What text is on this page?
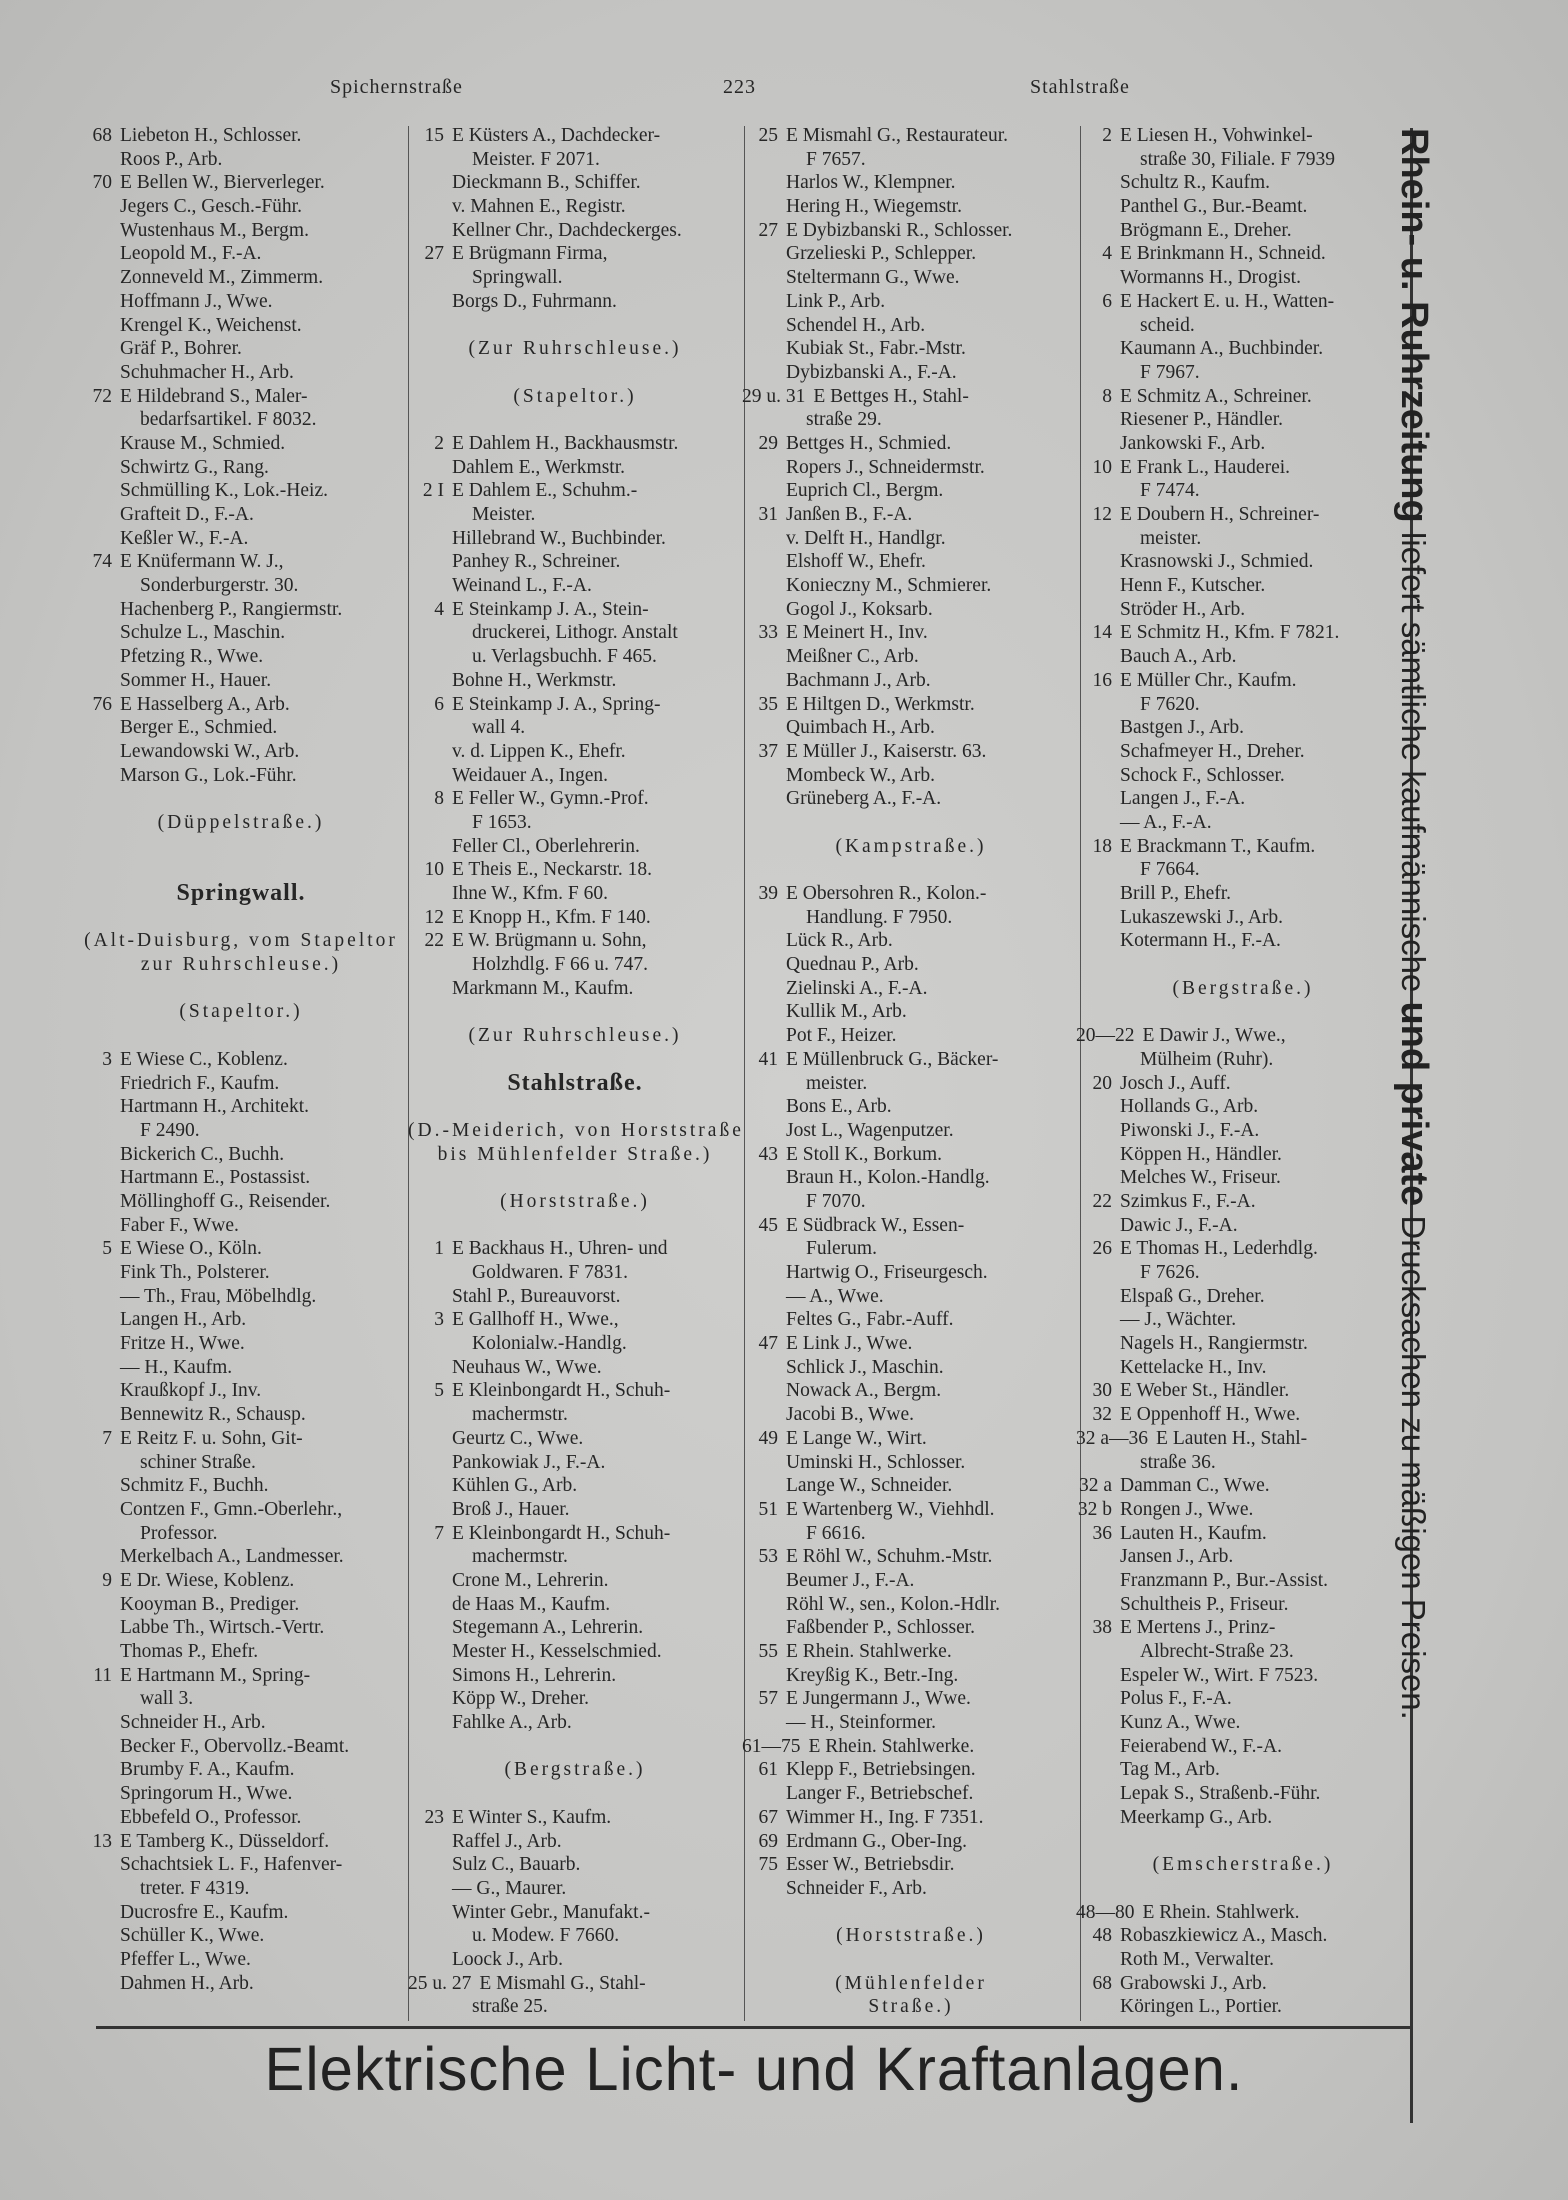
Spichernstraße	223	Stahlstraße
68 Liebeton H., Schlosser.
Roos P., Arb.
70 E Bellen W., Bierverleger.
Jegers C., Gesch.-Führ.
Wustenhaus M., Bergm.
Leopold M., F.-A.
Zonneveld M., Zimmerm.
Hoffmann J., Wwe.
Krengel K., Weichenst.
Gräf P., Bohrer.
Schuhmacher H., Arb.
72 E Hildebrand S., Maler-
bedarfsartikel. F 8032.
Krause M., Schmied.
Schwirtz G., Rang.
Schmülling K., Lok.-Heiz.
Grafteit D., F.-A.
Keßler W., F.-A.
74 E Knüfermann W. J.,
Sonderburgerstr. 30.
Hachenberg P., Rangiermstr.
Schulze L., Maschin.
Pfetzing R., Wwe.
Sommer H., Hauer.
76 E Hasselberg A., Arb.
Berger E., Schmied.
Lewandowski W., Arb.
Marson G., Lok.-Führ.
(Düppelstraße.)
Springwall.
(Alt-Duisburg, vom Stapeltor
zur Ruhrschleuse.)
(Stapeltor.)
3 E Wiese C., Koblenz.
Friedrich F., Kaufm.
Hartmann H., Architekt.
F 2490.
Bickerich C., Buchh.
Hartmann E., Postassist.
Möllinghoff G., Reisender.
Faber F., Wwe.
5 E Wiese O., Köln.
Fink Th., Polsterer.
— Th., Frau, Möbelhdlg.
Langen H., Arb.
Fritze H., Wwe.
— H., Kaufm.
Kraußkopf J., Inv.
Bennewitz R., Schausp.
7 E Reitz F. u. Sohn, Git-
schiner Straße.
Schmitz F., Buchh.
Contzen F., Gmn.-Oberlehr.,
Professor.
Merkelbach A., Landmesser.
9 E Dr. Wiese, Koblenz.
Kooyman B., Prediger.
Labbe Th., Wirtsch.-Vertr.
Thomas P., Ehefr.
11 E Hartmann M., Spring-
wall 3.
Schneider H., Arb.
Becker F., Obervollz.-Beamt.
Brumby F. A., Kaufm.
Springorum H., Wwe.
Ebbefeld O., Professor.
13 E Tamberg K., Düsseldorf.
Schachtsiek L. F., Hafenver-
treter. F 4319.
Ducrosfre E., Kaufm.
Schüller K., Wwe.
Pfeffer L., Wwe.
Dahmen H., Arb.
15 E Küsters A., Dachdecker-
Meister. F 2071.
Dieckmann B., Schiffer.
v. Mahnen E., Registr.
Kellner Chr., Dachdeckerges.
27 E Brügmann Firma,
Springwall.
Borgs D., Fuhrmann.
(Zur Ruhrschleuse.)
(Stapeltor.)
2 E Dahlem H., Backhausmstr.
Dahlem E., Werkmstr.
2 I E Dahlem E., Schuhm.-
Meister.
Hillebrand W., Buchbinder.
Panhey R., Schreiner.
Weinand L., F.-A.
4 E Steinkamp J. A., Stein-
druckerei, Lithogr. Anstalt
u. Verlagsbuchh. F 465.
Bohne H., Werkmstr.
6 E Steinkamp J. A., Spring-
wall 4.
v. d. Lippen K., Ehefr.
Weidauer A., Ingen.
8 E Feller W., Gymn.-Prof.
F 1653.
Feller Cl., Oberlehrerin.
10 E Theis E., Neckarstr. 18.
Ihne W., Kfm. F 60.
12 E Knopp H., Kfm. F 140.
22 E W. Brügmann u. Sohn,
Holzhdlg. F 66 u. 747.
Markmann M., Kaufm.
(Zur Ruhrschleuse.)
Stahlstraße.
(D.-Meiderich, von Horststraße
bis Mühlenfelder Straße.)
(Horststraße.)
1 E Backhaus H., Uhren- und
Goldwaren. F 7831.
Stahl P., Bureauvorst.
3 E Gallhoff H., Wwe.,
Kolonialw.-Handlg.
Neuhaus W., Wwe.
5 E Kleinbongardt H., Schuh-
machermstr.
Geurtz C., Wwe.
Pankowiak J., F.-A.
Kühlen G., Arb.
Broß J., Hauer.
7 E Kleinbongardt H., Schuh-
machermstr.
Crone M., Lehrerin.
de Haas M., Kaufm.
Stegemann A., Lehrerin.
Mester H., Kesselschmied.
Simons H., Lehrerin.
Köpp W., Dreher.
Fahlke A., Arb.
(Bergstraße.)
23 E Winter S., Kaufm.
Raffel J., Arb.
Sulz C., Bauarb.
— G., Maurer.
Winter Gebr., Manufakt.-
u. Modew. F 7660.
Loock J., Arb.
25 u. 27 E Mismahl G., Stahl-
straße 25.
25 E Mismahl G., Restaurateur.
F 7657.
Harlos W., Klempner.
Hering H., Wiegemstr.
27 E Dybizbanski R., Schlosser.
Grzelieski P., Schlepper.
Steltermann G., Wwe.
Link P., Arb.
Schendel H., Arb.
Kubiak St., Fabr.-Mstr.
Dybizbanski A., F.-A.
29 u. 31 E Bettges H., Stahl-
straße 29.
29 Bettges H., Schmied.
Ropers J., Schneidermstr.
Euprich Cl., Bergm.
31 Janßen B., F.-A.
v. Delft H., Handlgr.
Elshoff W., Ehefr.
Konieczny M., Schmierer.
Gogol J., Koksarb.
33 E Meinert H., Inv.
Meißner C., Arb.
Bachmann J., Arb.
35 E Hiltgen D., Werkmstr.
Quimbach H., Arb.
37 E Müller J., Kaiserstr. 63.
Mombeck W., Arb.
Grüneberg A., F.-A.
(Kampstraße.)
39 E Obersohren R., Kolon.-
Handlung. F 7950.
Lück R., Arb.
Quednau P., Arb.
Zielinski A., F.-A.
Kullik M., Arb.
Pot F., Heizer.
41 E Müllenbruck G., Bäcker-
meister.
Bons E., Arb.
Jost L., Wagenputzer.
43 E Stoll K., Borkum.
Braun H., Kolon.-Handlg.
F 7070.
45 E Südbrack W., Essen-
Fulerum.
Hartwig O., Friseurgesch.
— A., Wwe.
Feltes G., Fabr.-Auff.
47 E Link J., Wwe.
Schlick J., Maschin.
Nowack A., Bergm.
Jacobi B., Wwe.
49 E Lange W., Wirt.
Uminski H., Schlosser.
Lange W., Schneider.
51 E Wartenberg W., Viehhdl.
F 6616.
53 E Röhl W., Schuhm.-Mstr.
Beumer J., F.-A.
Röhl W., sen., Kolon.-Hdlr.
Faßbender P., Schlosser.
55 E Rhein. Stahlwerke.
Kreyßig K., Betr.-Ing.
57 E Jungermann J., Wwe.
— H., Steinformer.
61—75 E Rhein. Stahlwerke.
61 Klepp F., Betriebsingen.
Langer F., Betriebschef.
67 Wimmer H., Ing. F 7351.
69 Erdmann G., Ober-Ing.
75 Esser W., Betriebsdir.
Schneider F., Arb.
(Horststraße.)
(Mühlenfelder
Straße.)
2 E Liesen H., Vohwinkel-
straße 30, Filiale. F 7939
Schultz R., Kaufm.
Panthel G., Bur.-Beamt.
Brögmann E., Dreher.
4 E Brinkmann H., Schneid.
Wormanns H., Drogist.
6 E Hackert E. u. H., Watten-
scheid.
Kaumann A., Buchbinder.
F 7967.
8 E Schmitz A., Schreiner.
Riesener P., Händler.
Jankowski F., Arb.
10 E Frank L., Hauderei.
F 7474.
12 E Doubern H., Schreiner-
meister.
Krasnowski J., Schmied.
Henn F., Kutscher.
Ströder H., Arb.
14 E Schmitz H., Kfm. F 7821.
Bauch A., Arb.
16 E Müller Chr., Kaufm.
F 7620.
Bastgen J., Arb.
Schafmeyer H., Dreher.
Schock F., Schlosser.
Langen J., F.-A.
— A., F.-A.
18 E Brackmann T., Kaufm.
F 7664.
Brill P., Ehefr.
Lukaszewski J., Arb.
Kotermann H., F.-A.
(Bergstraße.)
20—22 E Dawir J., Wwe.,
Mülheim (Ruhr).
20 Josch J., Auff.
Hollands G., Arb.
Piwonski J., F.-A.
Köppen H., Händler.
Melches W., Friseur.
22 Szimkus F., F.-A.
Dawic J., F.-A.
26 E Thomas H., Lederhdlg.
F 7626.
Elspaß G., Dreher.
— J., Wächter.
Nagels H., Rangiermstr.
Kettelacke H., Inv.
30 E Weber St., Händler.
32 E Oppenhoff H., Wwe.
32 a—36 E Lauten H., Stahl-
straße 36.
32 a Damman C., Wwe.
32 b Rongen J., Wwe.
36 Lauten H., Kaufm.
Jansen J., Arb.
Franzmann P., Bur.-Assist.
Schultheis P., Friseur.
38 E Mertens J., Prinz-
Albrecht-Straße 23.
Espeler W., Wirt. F 7523.
Polus F., F.-A.
Kunz A., Wwe.
Feierabend W., F.-A.
Tag M., Arb.
Lepak S., Straßenb.-Führ.
Meerkamp G., Arb.
(Emscherstraße.)
48—80 E Rhein. Stahlwerk.
48 Robaszkiewicz A., Masch.
Roth M., Verwalter.
68 Grabowski J., Arb.
Köringen L., Portier.
Rhein- u. Ruhrzeitung liefert sämtliche kaufmännische und private Drucksachen zu mäßigen Preisen.
Elektrische Licht- und Kraftanlagen.
